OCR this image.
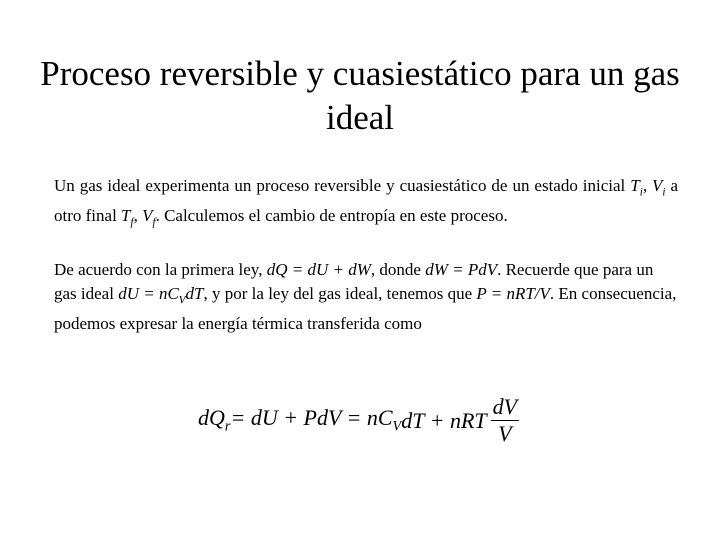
Proceso reversible y cuasiestático para un gas ideal

Un gas ideal experimenta un proceso reversible y cuasiestático de un estado inicial $T_i$, $V_i$ a otro final $T_f$, $V_f$. Calculemos el cambio de entropía en este proceso.

De acuerdo con la primera ley, dQ = dU + dW, donde dW = PdV. Recuerde que para un gas ideal dU = $nC_VdT$, y por la ley del gas ideal, tenemos que P = nRT/V. En consecuencia, podemos expresar la energía térmica transferida como

$dQ_r$ = dU + PdV = $nC_V$ dT + nRT $\frac{dV}{V}$
